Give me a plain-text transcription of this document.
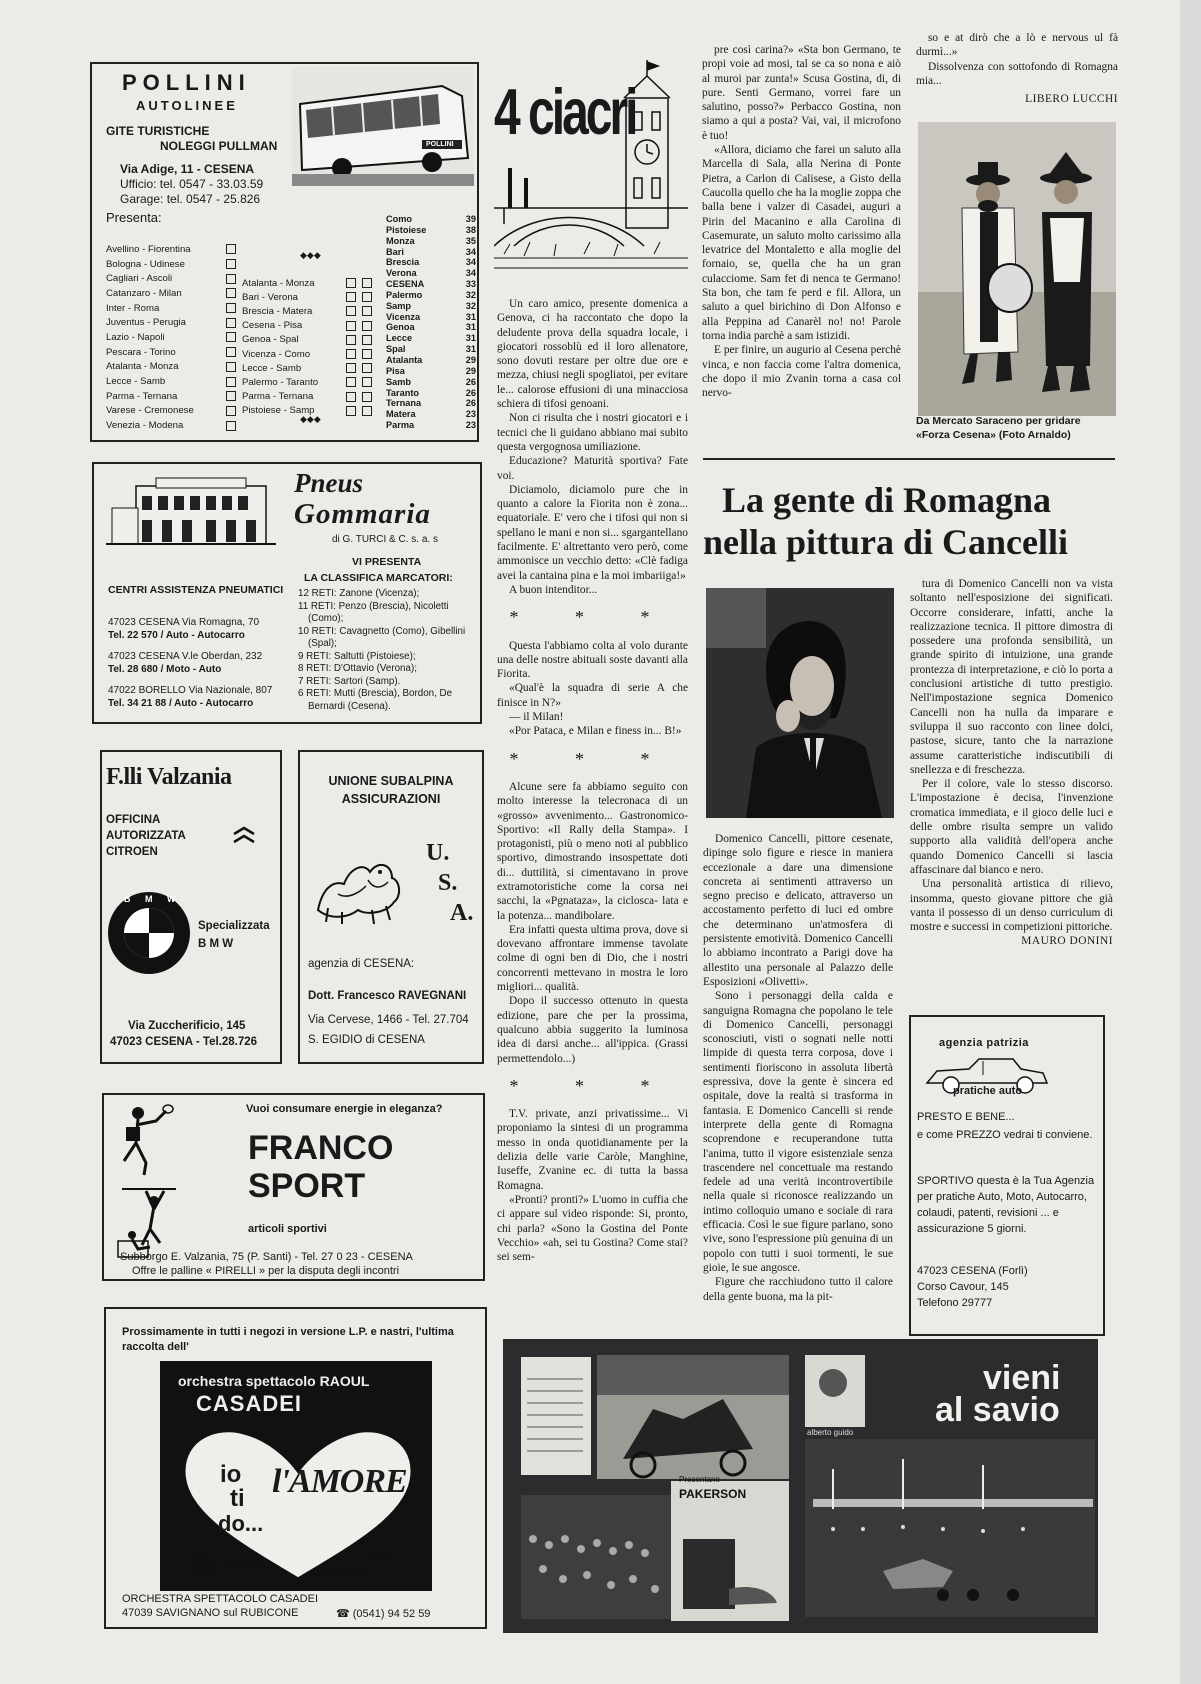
POLLINI
AUTOLINEE
GITE TURISTICHE
NOLEGGI PULLMAN
Via Adige, 11 - CESENA
Ufficio: tel. 0547 - 33.03.59
Garage: tel. 0547 - 25.826
Presenta:
POLLINI
Avellino - Fiorentina
Bologna - Udinese
Cagliari - Ascoli
Catanzaro - Milan
Inter - Roma
Juventus - Perugia
Lazio - Napoli
Pescara - Torino
Atalanta - Monza
Lecce - Samb
Parma - Ternana
Varese - Cremonese
Venezia - Modena
◆◆◆
Atalanta - Monza
Bari - Verona
Brescia - Matera
Cesena - Pisa
Genoa - Spal
Vicenza - Como
Lecce - Samb
Palermo - Taranto
Parma - Ternana
Pistoiese - Samp
◆◆◆
Como	39
Pistoiese	38
Monza	35
Bari	34
Brescia	34
Verona	34
CESENA	33
Palermo	32
Samp	32
Vicenza	31
Genoa	31
Lecce	31
Spal	31
Atalanta	29
Pisa	29
Samb	26
Taranto	26
Ternana	26
Matera	23
Parma	23
Pneus
Gommaria
di G. TURCI & C. s. a. s
VI PRESENTA
LA CLASSIFICA MARCATORI:
CENTRI ASSISTENZA PNEUMATICI
47023 CESENA Via Romagna, 70
Tel. 22 570 / Auto - Autocarro
47023 CESENA V.le Oberdan, 232
Tel. 28 680 / Moto - Auto
47022 BORELLO Via Nazionale, 807
Tel. 34 21 88 / Auto - Autocarro
12 RETI: Zanone (Vicenza);
11 RETI: Penzo (Brescia), Nicoletti (Como);
10 RETI: Cavagnetto (Como), Gibellini (Spal);
9 RETI: Saltutti (Pistoiese);
8 RETI: D'Ottavio (Verona);
7 RETI: Sartori (Samp).
6 RETI: Mutti (Brescia), Bordon, De Bernardi (Cesena).
F.lli Valzania
OFFICINA
AUTORIZZATA
CITROEN
B M W
Specializzata
B M W
Via Zuccherificio, 145
47023 CESENA - Tel.28.726
UNIONE SUBALPINA
ASSICURAZIONI
U.
S.
A.
agenzia di CESENA:
Dott. Francesco RAVEGNANI
Via Cervese, 1466 - Tel. 27.704
S. EGIDIO di CESENA
Vuoi consumare energie in eleganza?
FRANCO
SPORT
articoli sportivi
Subborgo E. Valzania, 75 (P. Santi) - Tel. 27 0 23 - CESENA
Offre le palline « PIRELLI » per la disputa degli incontri
Prossimamente in tutti i negozi in versione L.P. e nastri, l'ultima raccolta dell'
orchestra spettacolo RAOUL
CASADEI
io
ti
do...
l'AMORE
dischi
wea italiana s.p.a.
liscio
discoteca
ORCHESTRA SPETTACOLO CASADEI
47039 SAVIGNANO sul RUBICONE	☎ (0541) 94 52 59
4 ciacri

Un caro amico, presente domenica a Genova, ci ha raccontato che dopo la deludente prova della squadra locale, i giocatori rossoblù ed il loro allenatore, sono dovuti restare per oltre due ore e mezza, chiusi negli spogliatoi, per evitare le... calorose effusioni di una minacciosa schiera di tifosi genoani.

Non ci risulta che i nostri giocatori e i tecnici che li guidano abbiano mai subito questa vergognosa umiliazione.

Educazione? Maturità sportiva? Fate voi.

Diciamolo, diciamolo pure che in quanto a calore la Fiorita non è zona... equatoriale. E' vero che i tifosi qui non si spellano le mani e non si... sgargantellano facilmente. E' altrettanto vero però, come ammonisce un vecchio detto: «Clè fadiga avei la cantaina pina e la moi imbariiga!»

A buon intenditor...

* * *

Questa l'abbiamo colta al volo durante una delle nostre abituali soste davanti alla Fiorita.

«Qual'è la squadra di serie A che finisce in N?»

— il Milan!

«Por Pataca, e Milan e finess in... B!»

* * *

Alcune sere fa abbiamo seguito con molto interesse la telecronaca di un «grosso» avvenimento... Gastronomico-Sportivo: «Il Rally della Stampa». I protagonisti, più o meno noti al pubblico sportivo, dimostrando insospettate doti di... duttilità, si cimentavano in prove extramotoristiche come la corsa nei sacchi, la «Pgnataza», la ciclosca- lata e la potenza... mandibolare.

Era infatti questa ultima prova, dove si dovevano affrontare immense tavolate colme di ogni ben di Dio, che i nostri concorrenti mettevano in mostra le loro migliori... qualità.

Dopo il successo ottenuto in questa edizione, pare che per la prossima, qualcuno abbia suggerito la luminosa idea di darsi anche... all'ippica. (Grassi permettendolo...)

* * *

T.V. private, anzi privatissime... Vi proponiamo la sintesi di un programma messo in onda quotidianamente per la delizia delle varie Caròle, Manghine, Iuseffe, Zvanine ec. di tutta la bassa Romagna.

«Pronti? pronti?» L'uomo in cuffia che ci appare sul video risponde: Si, pronto, chi parla? «Sono la Gostina del Ponte Vecchio» «ah, sei tu Gostina? Come stai? sei sem-

pre così carina?» «Sta bon Germano, te propi voie ad mosi, tal se ca so nona e aiò al muroi par zunta!» Scusa Gostina, di, di pure. Senti Germano, vorrei fare un salutino, posso?» Perbacco Gostina, non siamo a qui a posta? Vai, vai, il microfono è tuo!

«Allora, diciamo che farei un saluto alla Marcella di Sala, alla Nerina di Ponte Pietra, a Carlon di Calisese, a Gisto della Caucolla quello che ha la moglie zoppa che balla bene i valzer di Casadei, auguri a Pirin del Macanino e alla Carolina di Casemurate, un saluto molto carissimo alla levatrice del Montaletto e alla moglie del fornaio, se, quella che ha un gran culacciome. Sam fet di nenca te Germano! Sta bon, che tam fe perd e fil. Allora, un saluto a quel birichino di Don Alfonso e alla Peppina ad Canarèl no! no! Parole torna india parchè a sam istizidi.

E per finire, un augurio al Cesena perchè vinca, e non faccia come l'altra domenica, che dopo il mio Zvanin torna a casa col nervo-

so e at dirò che a lò e nervous ul fà durmì...»

Dissolvenza con sottofondo di Romagna mia...

LIBERO LUCCHI
Da Mercato Saraceno per gridare «Forza Cesena» (Foto Arnaldo)
La gente di Romagna
nella pittura di Cancelli

Domenico Cancelli, pittore cesenate, dipinge solo figure e riesce in maniera eccezionale a dare una dimensione concreta ai sentimenti attraverso un segno preciso e delicato, attraverso un accostamento perfetto di luci ed ombre che determinano un'atmosfera di persistente emotività. Domenico Cancelli lo abbiamo incontrato a Parigi dove ha allestito una personale al Palazzo delle Esposizioni «Olivetti».

Sono i personaggi della calda e sanguigna Romagna che popolano le tele di Domenico Cancelli, personaggi sconosciuti, visti o sognati nelle notti limpide di questa terra corposa, dove i sentimenti fioriscono in assoluta libertà espressiva, dove la gente è sincera ed ospitale, dove la realtà si trasforma in fantasia. E Domenico Cancelli si rende interprete della gente di Romagna scoprendone e recuperandone tutta l'anima, tutto il vigore esistenziale senza trascendere nel concettuale ma restando fedele ad una verità incontrovertibile nella quale si riconosce realizzando un intimo colloquio umano e sociale di rara efficacia. Così le sue figure parlano, sono vive, sono l'espressione più genuina di un popolo con tutti i suoi tormenti, le sue gioie, le sue angosce.

Figure che racchiudono tutto il calore della gente buona, ma la pit-

tura di Domenico Cancelli non va vista soltanto nell'esposizione dei significati. Occorre considerare, infatti, anche la realizzazione tecnica. Il pittore dimostra di possedere una profonda sensibilità, un grande spirito di intuizione, una grande prontezza di interpretazione, e ciò lo porta a conclusioni artistiche di tutto prestigio. Nell'impostazione segnica Domenico Cancelli non ha nulla da imparare e sviluppa il suo racconto con linee dolci, pastose, sicure, tanto che la narrazione assume caratteristiche indiscutibili di snellezza e di freschezza.

Per il colore, vale lo stesso discorso. L'impostazione è decisa, l'invenzione cromatica immediata, e il gioco delle luci e delle ombre risulta sempre un valido supporto alla validità dell'opera anche quando Domenico Cancelli si lascia affascinare dal bianco e nero.

Una personalità artistica di rilievo, insomma, questo giovane pittore che già vanta il possesso di un denso curriculum di mostre e successi in competizioni pittoriche.

MAURO DONINI
agenzia patrizia
pratiche auto
PRESTO E BENE...
e come PREZZO vedrai ti conviene.
SPORTIVO questa è la Tua Agenzia per pratiche Auto, Moto, Autocarro, colaudi, patenti, revisioni ... e assicurazione 5 giorni.
47023 CESENA (Forlì)
Corso Cavour, 145
Telefono 29777
PAKERSON
Presentano
alberto guido
vieni
al savio
